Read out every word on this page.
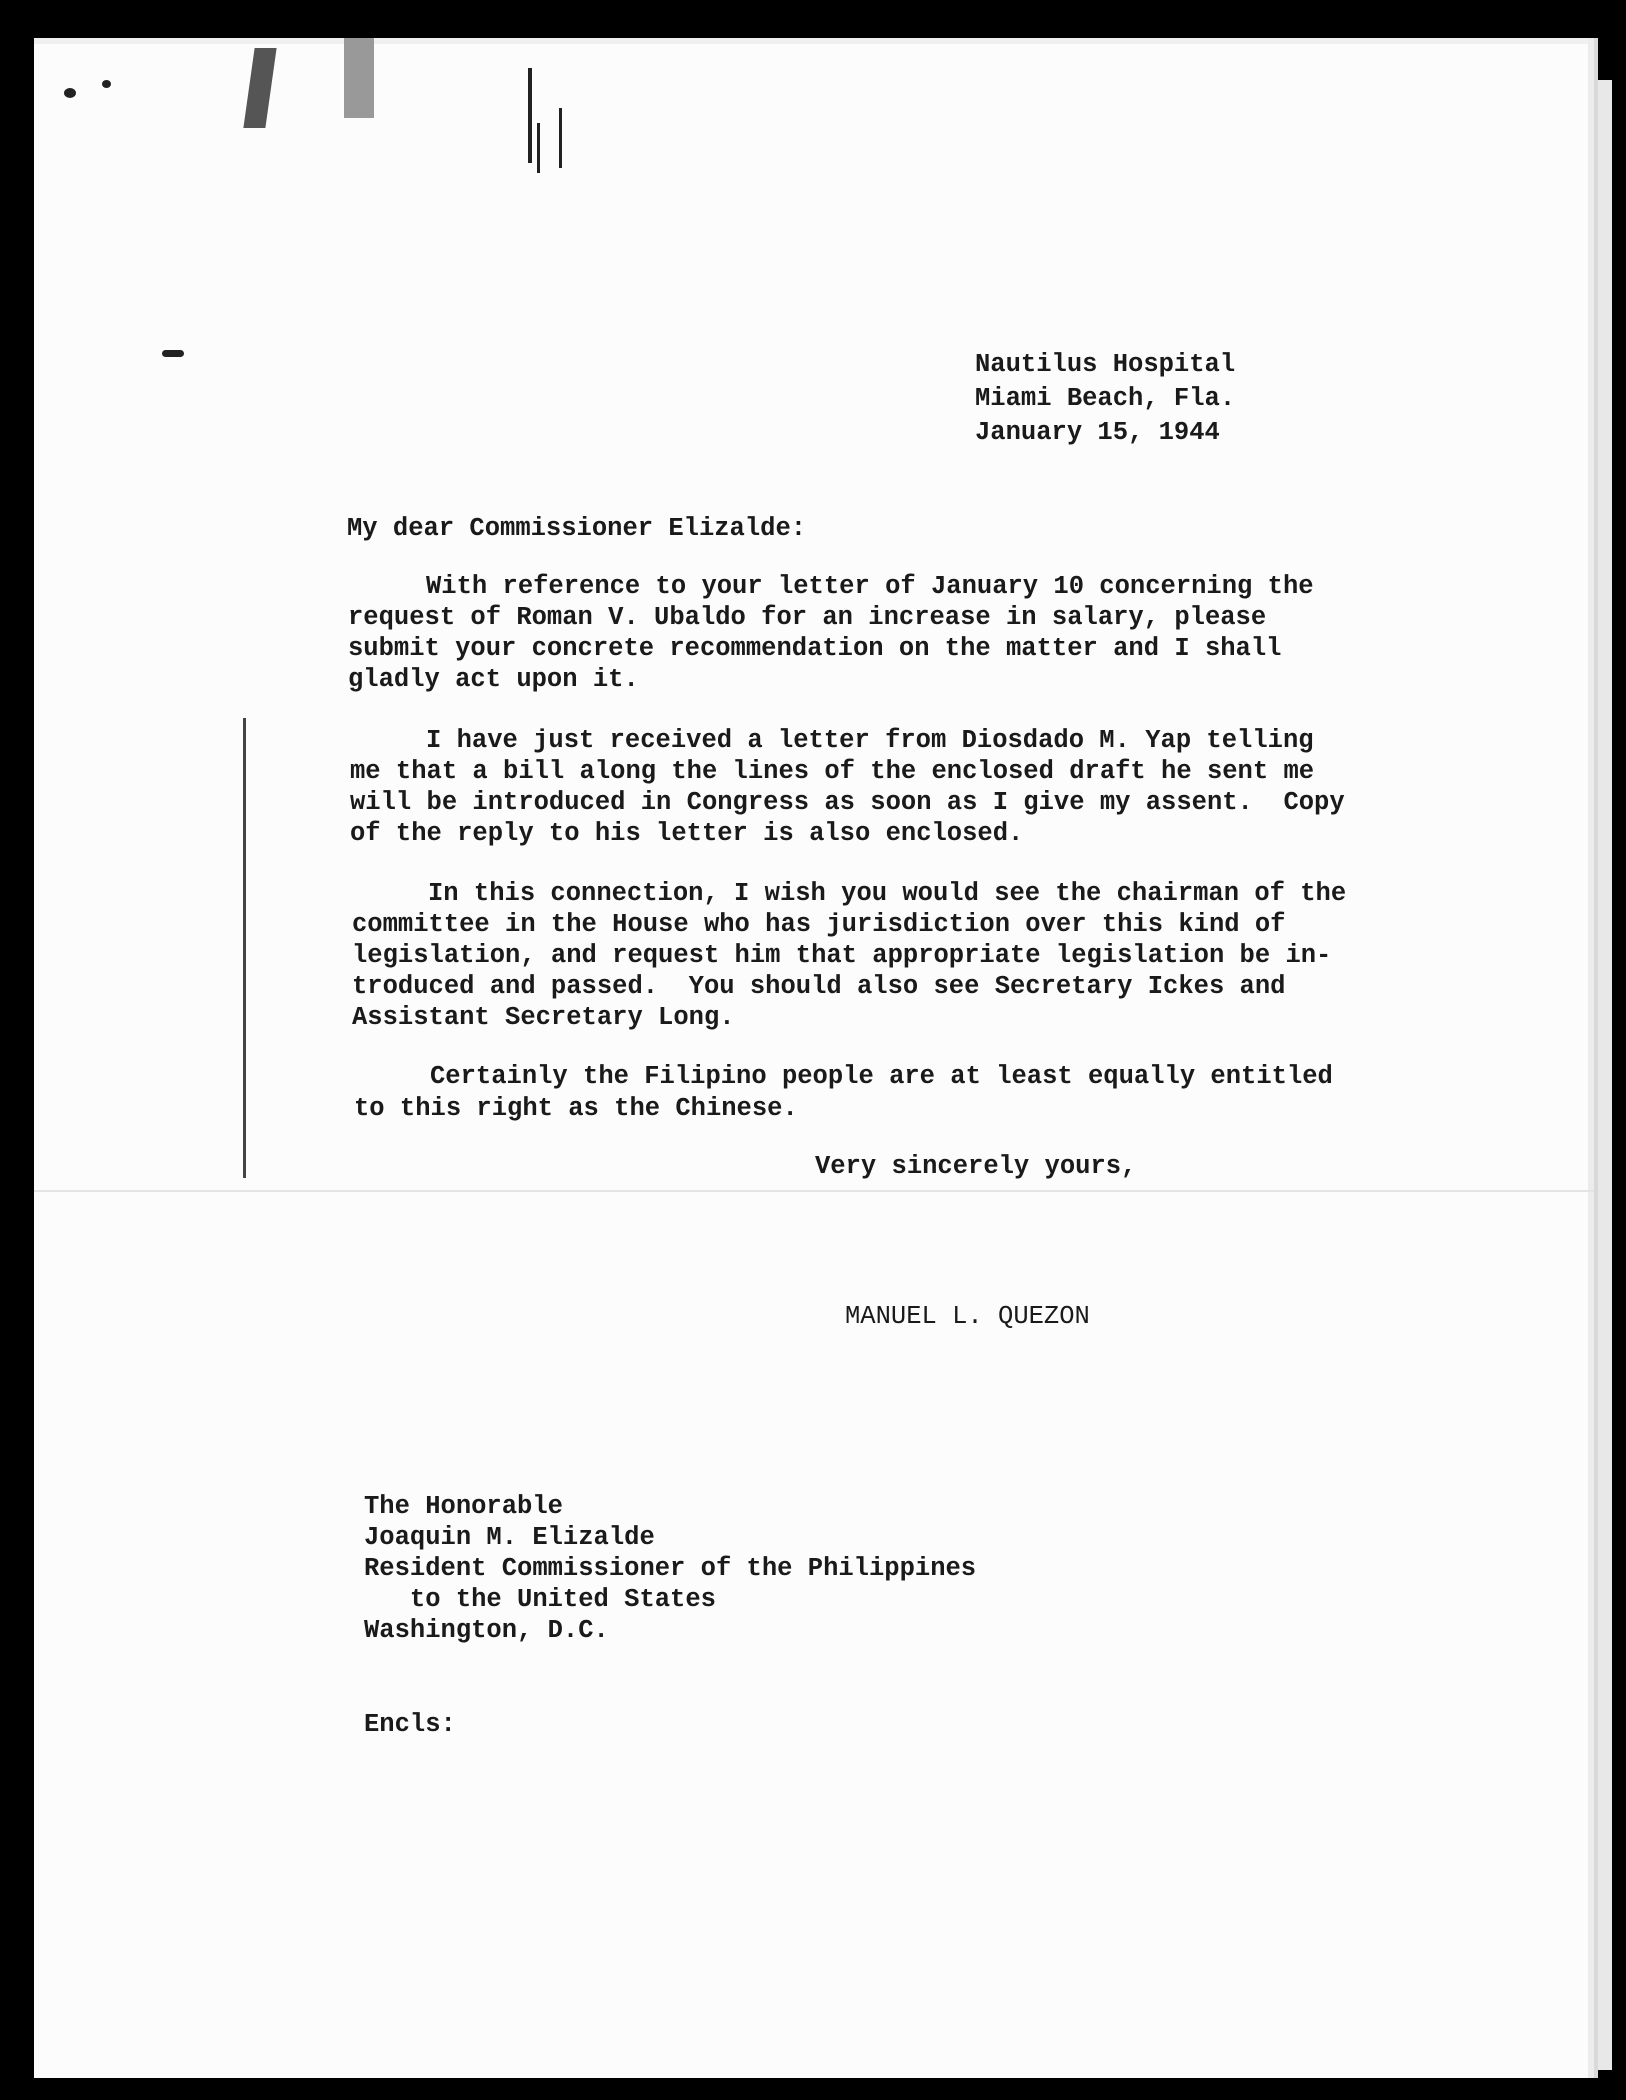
Nautilus Hospital
Miami Beach, Fla.
January 15, 1944
My dear Commissioner Elizalde:
With reference to your letter of January 10 concerning the
request of Roman V. Ubaldo for an increase in salary, please
submit your concrete recommendation on the matter and I shall
gladly act upon it.
I have just received a letter from Diosdado M. Yap telling
me that a bill along the lines of the enclosed draft he sent me
will be introduced in Congress as soon as I give my assent.  Copy
of the reply to his letter is also enclosed.
In this connection, I wish you would see the chairman of the
committee in the House who has jurisdiction over this kind of
legislation, and request him that appropriate legislation be in-
troduced and passed.  You should also see Secretary Ickes and
Assistant Secretary Long.
Certainly the Filipino people are at least equally entitled
to this right as the Chinese.
Very sincerely yours,
MANUEL L. QUEZON
The Honorable
Joaquin M. Elizalde
Resident Commissioner of the Philippines
to the United States
Washington, D.C.
Encls:
